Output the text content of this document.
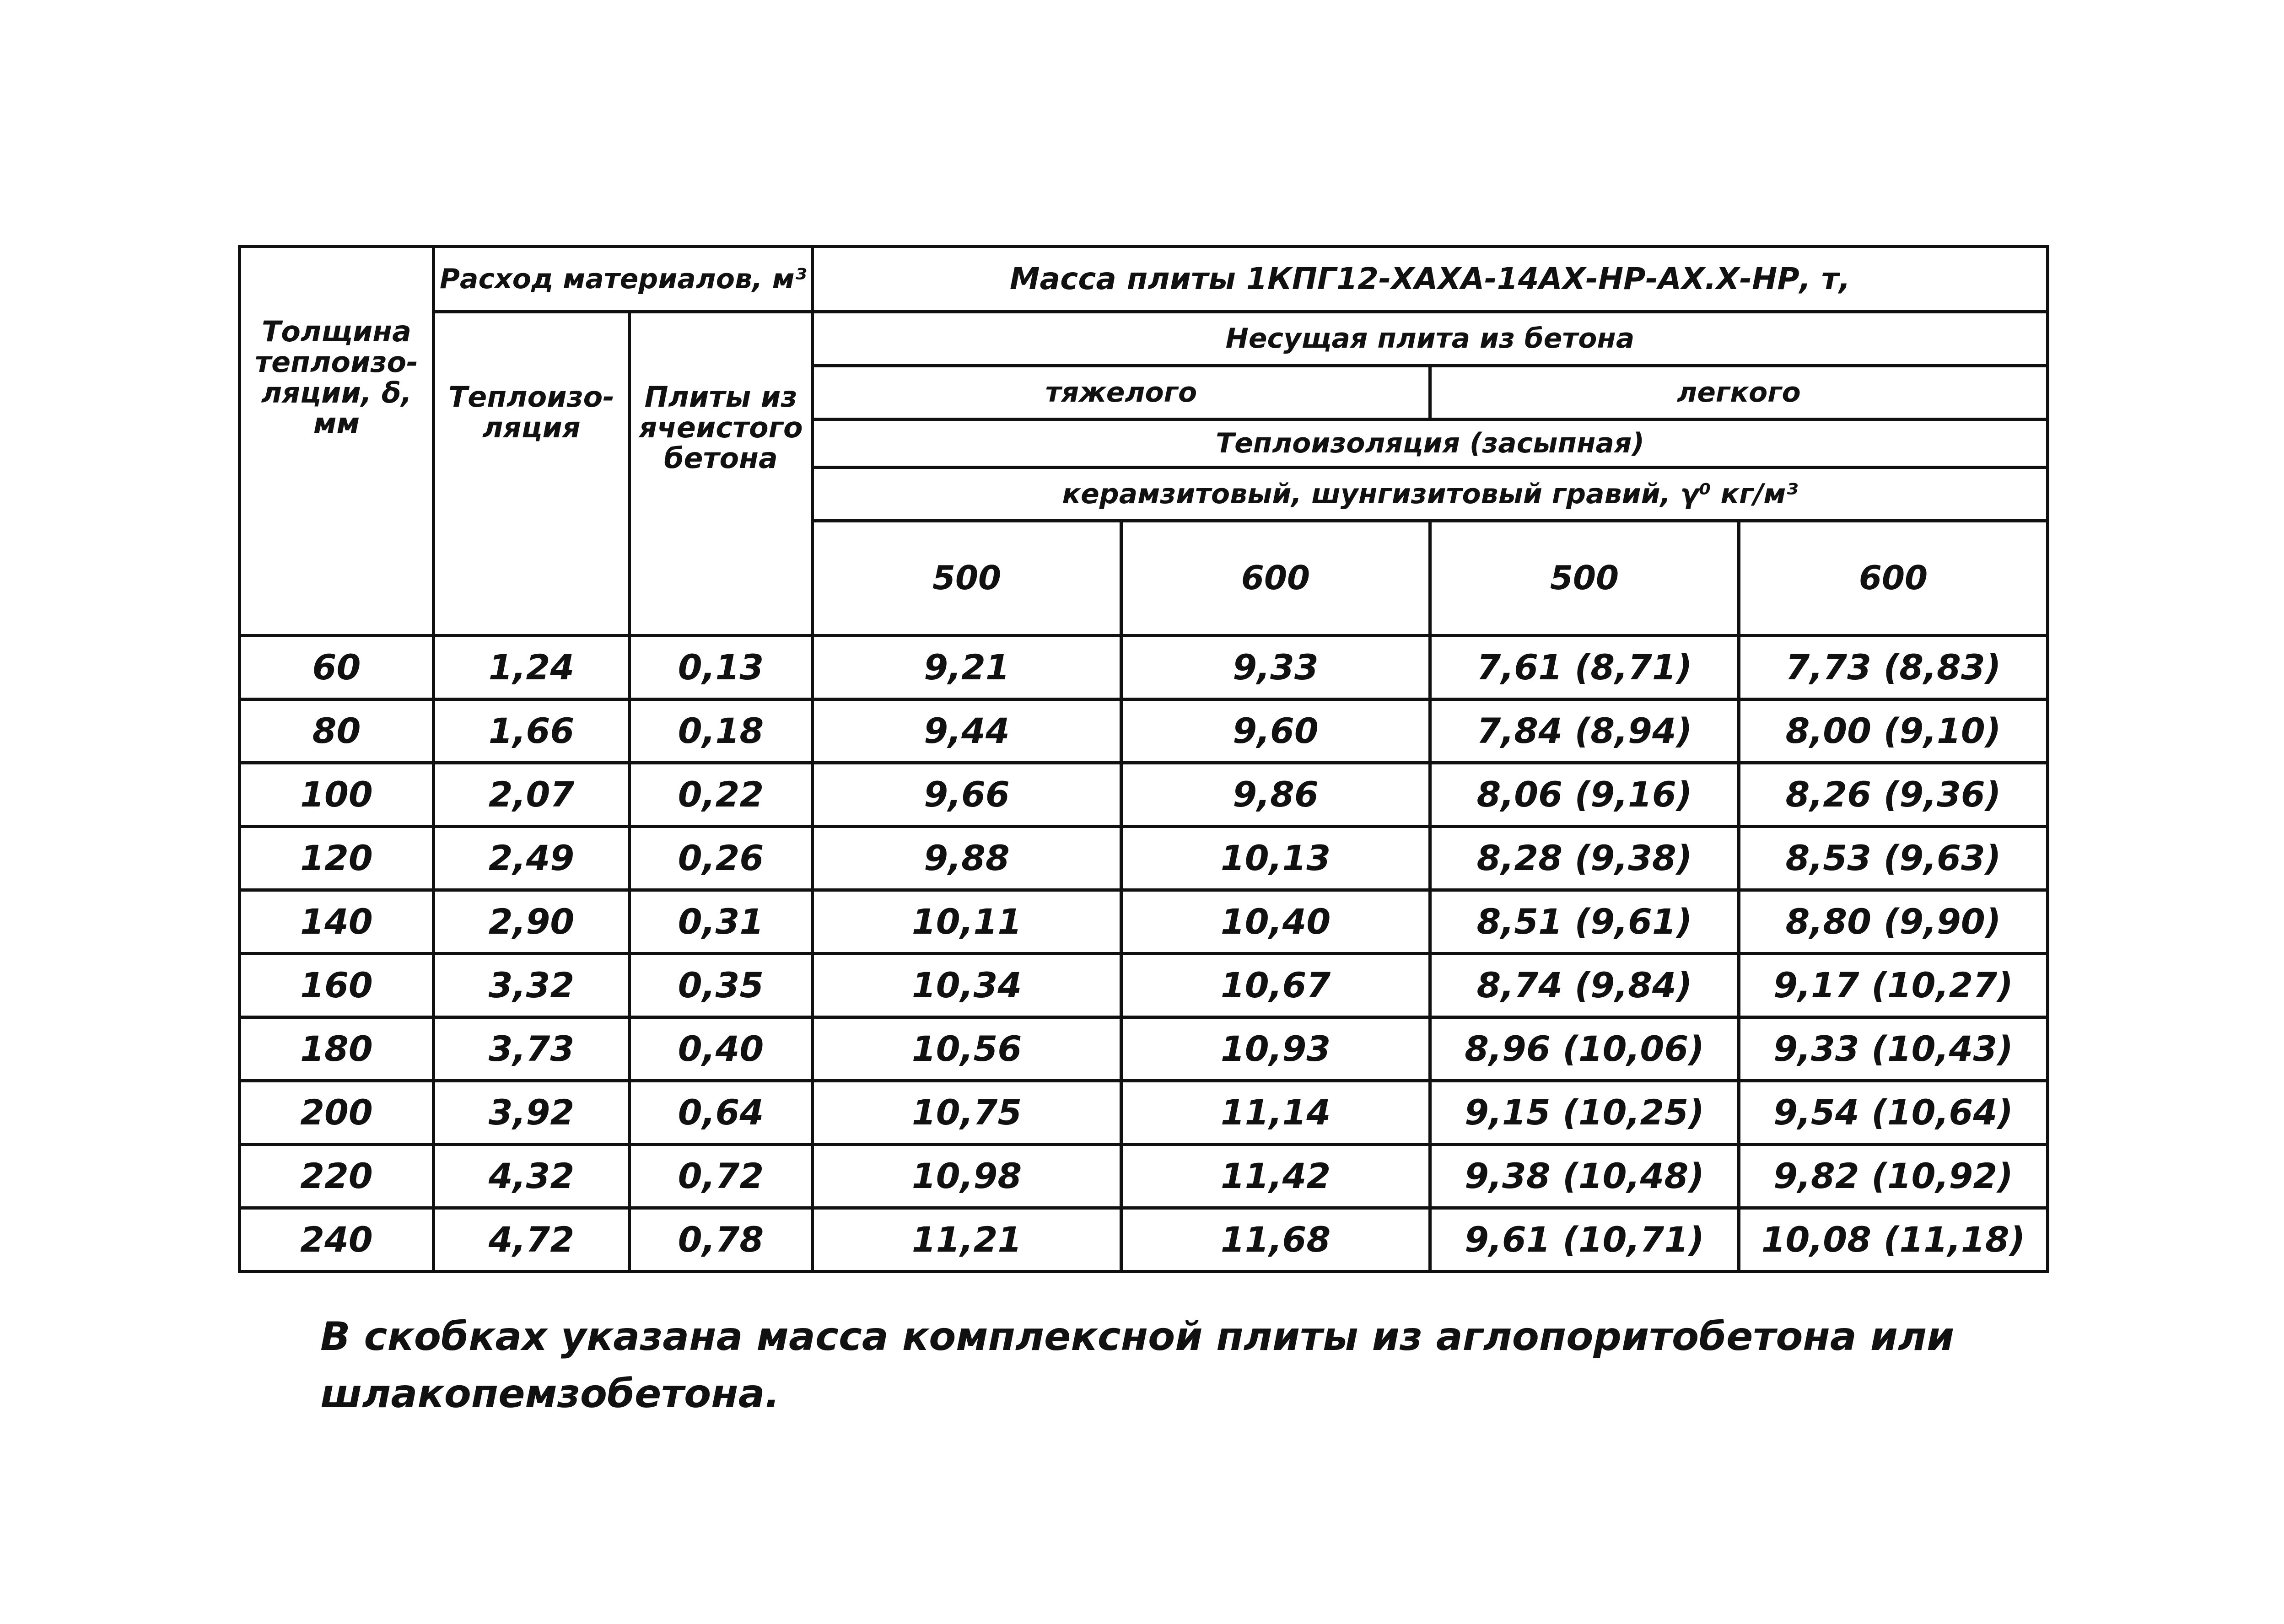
Толщина теплоизо- ляции, δ, мм	Расход материалов, м³		Масса плиты 1КПГ12-ХАХА-14АХ-НР-АХ.Х-НР, т,			
	Теплоизо- ляция	Плиты из ячеистого бетона	Несущая плита из бетона			
			тяжелого		легкого	
			Теплоизоляция (засыпная)			
			керамзитовый, шунгизитовый гравий, γ⁰ кг/м³			
			500	600	500	600

60	1,24	0,13	9,21	9,33	7,61 (8,71)	7,73 (8,83)
80	1,66	0,18	9,44	9,60	7,84 (8,94)	8,00 (9,10)
100	2,07	0,22	9,66	9,86	8,06 (9,16)	8,26 (9,36)
120	2,49	0,26	9,88	10,13	8,28 (9,38)	8,53 (9,63)
140	2,90	0,31	10,11	10,40	8,51 (9,61)	8,80 (9,90)
160	3,32	0,35	10,34	10,67	8,74 (9,84)	9,17 (10,27)
180	3,73	0,40	10,56	10,93	8,96 (10,06)	9,33 (10,43)
200	3,92	0,64	10,75	11,14	9,15 (10,25)	9,54 (10,64)
220	4,32	0,72	10,98	11,42	9,38 (10,48)	9,82 (10,92)
240	4,72	0,78	11,21	11,68	9,61 (10,71)	10,08 (11,18)
В скобках указана масса комплексной плиты из аглопоритобетона или шлакопемзобетона.
